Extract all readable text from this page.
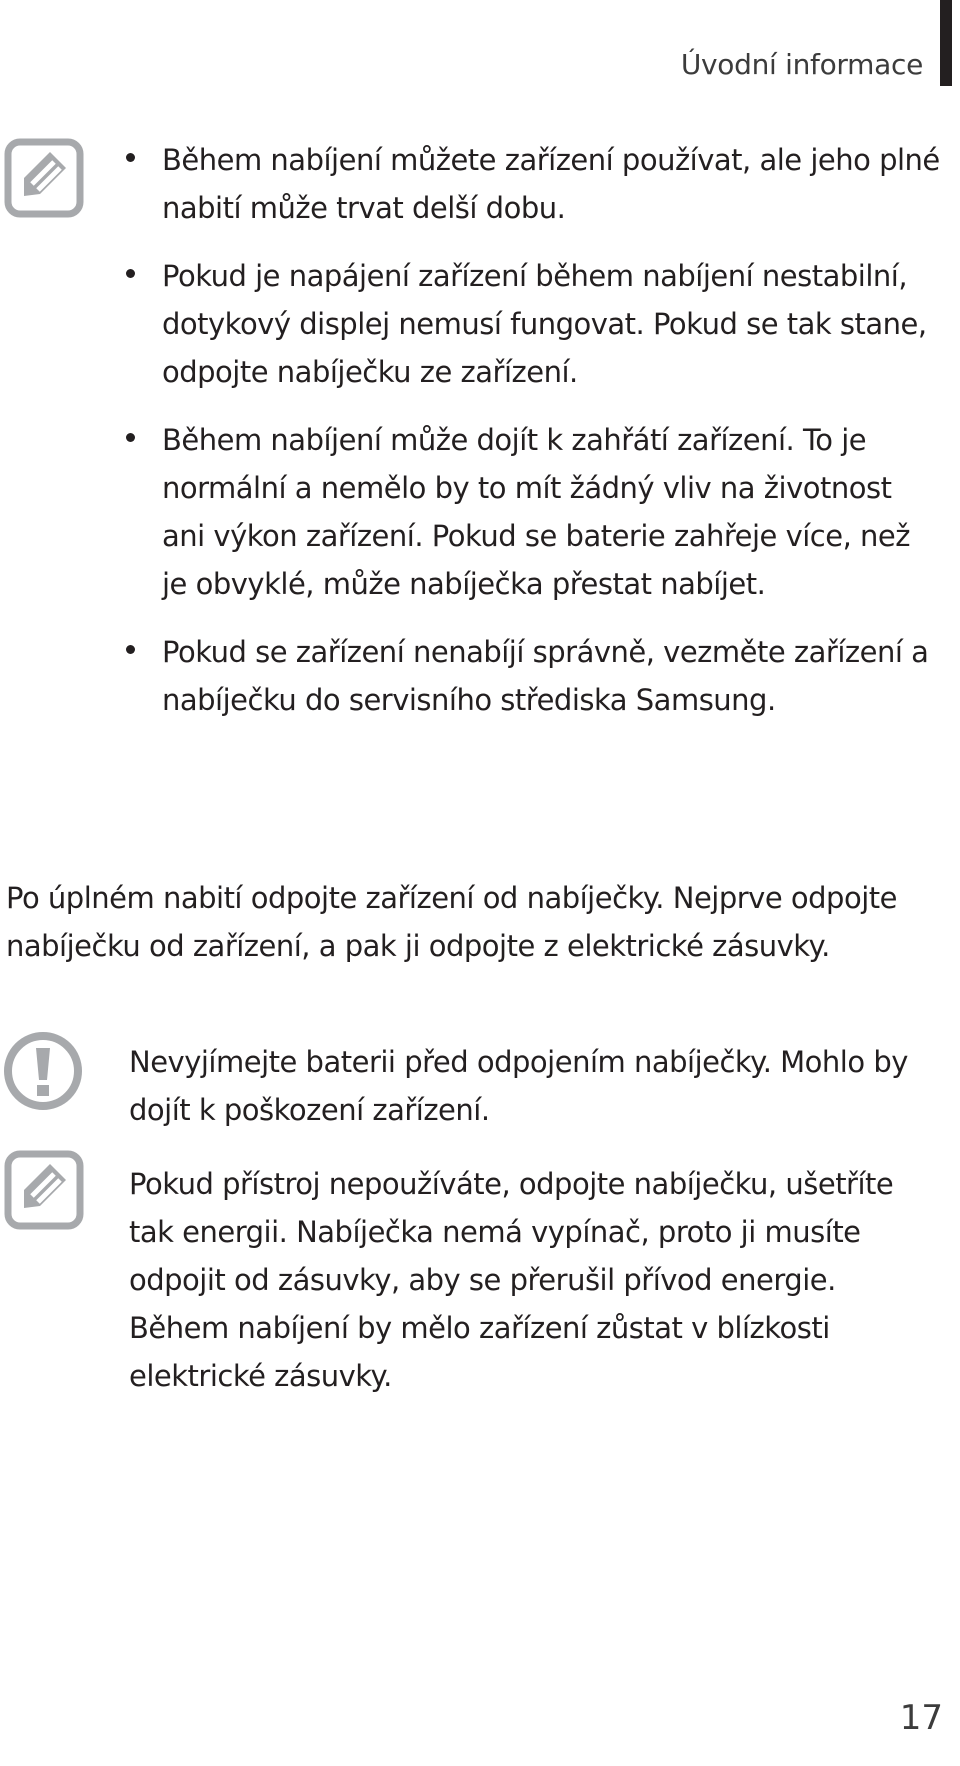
Úvodní informace
Během nabíjení můžete zařízení používat, ale jeho plné nabití může trvat delší dobu.
Pokud je napájení zařízení během nabíjení nestabilní, dotykový displej nemusí fungovat. Pokud se tak stane, odpojte nabíječku ze zařízení.
Během nabíjení může dojít k zahřátí zařízení. To je normální a nemělo by to mít žádný vliv na životnost ani výkon zařízení. Pokud se baterie zahřeje více, než je obvyklé, může nabíječka přestat nabíjet.
Pokud se zařízení nenabíjí správně, vezměte zařízení a nabíječku do servisního střediska Samsung.

Po úplném nabití odpojte zařízení od nabíječky. Nejprve odpojte nabíječku od zařízení, a pak ji odpojte z elektrické zásuvky.

Nevyjímejte baterii před odpojením nabíječky. Mohlo by dojít k poškození zařízení.

Pokud přístroj nepoužíváte, odpojte nabíječku, ušetříte tak energii. Nabíječka nemá vypínač, proto ji musíte odpojit od zásuvky, aby se přerušil přívod energie. Během nabíjení by mělo zařízení zůstat v blízkosti elektrické zásuvky.

17
